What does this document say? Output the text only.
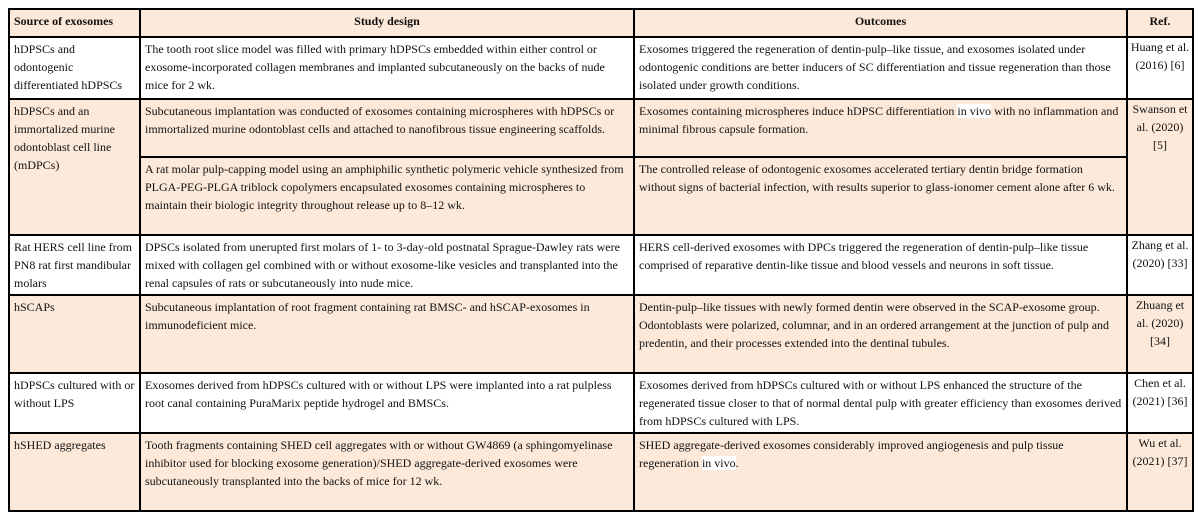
Source of exosomes	Study design	Outcomes	Ref.
hDPSCs and odontogenic differentiated hDPSCs	The tooth root slice model was filled with primary hDPSCs embedded within either control or exosome-incorporated collagen membranes and implanted subcutaneously on the backs of nude mice for 2 wk.	Exosomes triggered the regeneration of dentin-pulp–like tissue, and exosomes isolated under odontogenic conditions are better inducers of SC differentiation and tissue regeneration than those isolated under growth conditions.	Huang et al. (2016) [6]
hDPSCs and an immortalized murine odontoblast cell line (mDPCs)	Subcutaneous implantation was conducted of exosomes containing microspheres with hDPSCs or immortalized murine odontoblast cells and attached to nanofibrous tissue engineering scaffolds.	Exosomes containing microspheres induce hDPSC differentiation in vivo with no inflammation and minimal fibrous capsule formation.	Swanson et al. (2020) [5]
	A rat molar pulp-capping model using an amphiphilic synthetic polymeric vehicle synthesized from PLGA-PEG-PLGA triblock copolymers encapsulated exosomes containing microspheres to maintain their biologic integrity throughout release up to 8–12 wk.	The controlled release of odontogenic exosomes accelerated tertiary dentin bridge formation without signs of bacterial infection, with results superior to glass-ionomer cement alone after 6 wk.	
Rat HERS cell line from PN8 rat first mandibular molars	DPSCs isolated from unerupted first molars of 1- to 3-day-old postnatal Sprague-Dawley rats were mixed with collagen gel combined with or without exosome-like vesicles and transplanted into the renal capsules of rats or subcutaneously into nude mice.	HERS cell-derived exosomes with DPCs triggered the regeneration of dentin-pulp–like tissue comprised of reparative dentin-like tissue and blood vessels and neurons in soft tissue.	Zhang et al. (2020) [33]
hSCAPs	Subcutaneous implantation of root fragment containing rat BMSC- and hSCAP-exosomes in immunodeficient mice.	Dentin-pulp–like tissues with newly formed dentin were observed in the SCAP-exosome group. Odontoblasts were polarized, columnar, and in an ordered arrangement at the junction of pulp and predentin, and their processes extended into the dentinal tubules.	Zhuang et al. (2020) [34]
hDPSCs cultured with or without LPS	Exosomes derived from hDPSCs cultured with or without LPS were implanted into a rat pulpless root canal containing PuraMarix peptide hydrogel and BMSCs.	Exosomes derived from hDPSCs cultured with or without LPS enhanced the structure of the regenerated tissue closer to that of normal dental pulp with greater efficiency than exosomes derived from hDPSCs cultured with LPS.	Chen et al. (2021) [36]
hSHED aggregates	Tooth fragments containing SHED cell aggregates with or without GW4869 (a sphingomyelinase inhibitor used for blocking exosome generation)/SHED aggregate-derived exosomes were subcutaneously transplanted into the backs of mice for 12 wk.	SHED aggregate-derived exosomes considerably improved angiogenesis and pulp tissue regeneration in vivo.	Wu et al. (2021) [37]
